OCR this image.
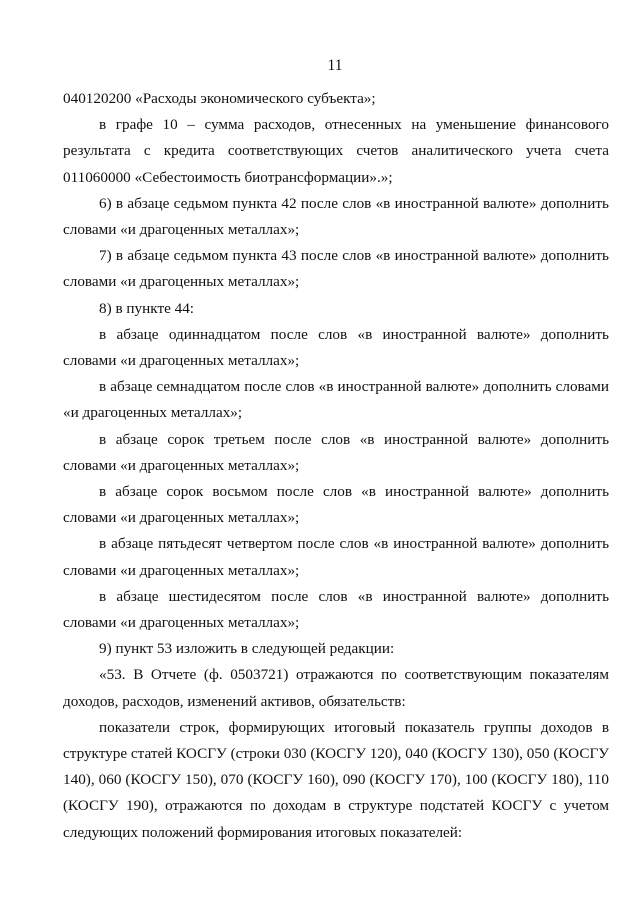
11

040120200 «Расходы экономического субъекта»;

в графе 10 – сумма расходов, отнесенных на уменьшение финансового результата с кредита соответствующих счетов аналитического учета счета 011060000 «Себестоимость биотрансформации».»;

6) в абзаце седьмом пункта 42 после слов «в иностранной валюте» дополнить словами «и драгоценных металлах»;

7) в абзаце седьмом пункта 43 после слов «в иностранной валюте» дополнить словами «и драгоценных металлах»;

8) в пункте 44:

в абзаце одиннадцатом после слов «в иностранной валюте» дополнить словами «и драгоценных металлах»;

в абзаце семнадцатом после слов «в иностранной валюте» дополнить словами «и драгоценных металлах»;

в абзаце сорок третьем после слов «в иностранной валюте» дополнить словами «и драгоценных металлах»;

в абзаце сорок восьмом после слов «в иностранной валюте» дополнить словами «и драгоценных металлах»;

в абзаце пятьдесят четвертом после слов «в иностранной валюте» дополнить словами «и драгоценных металлах»;

в абзаце шестидесятом после слов «в иностранной валюте» дополнить словами «и драгоценных металлах»;

9) пункт 53 изложить в следующей редакции:

«53. В Отчете (ф. 0503721) отражаются по соответствующим показателям доходов, расходов, изменений активов, обязательств:

показатели строк, формирующих итоговый показатель группы доходов в структуре статей КОСГУ (строки 030 (КОСГУ 120), 040 (КОСГУ 130), 050 (КОСГУ 140), 060 (КОСГУ 150), 070 (КОСГУ 160), 090 (КОСГУ 170), 100 (КОСГУ 180), 110 (КОСГУ 190), отражаются по доходам в структуре подстатей КОСГУ с учетом следующих положений формирования итоговых показателей:
